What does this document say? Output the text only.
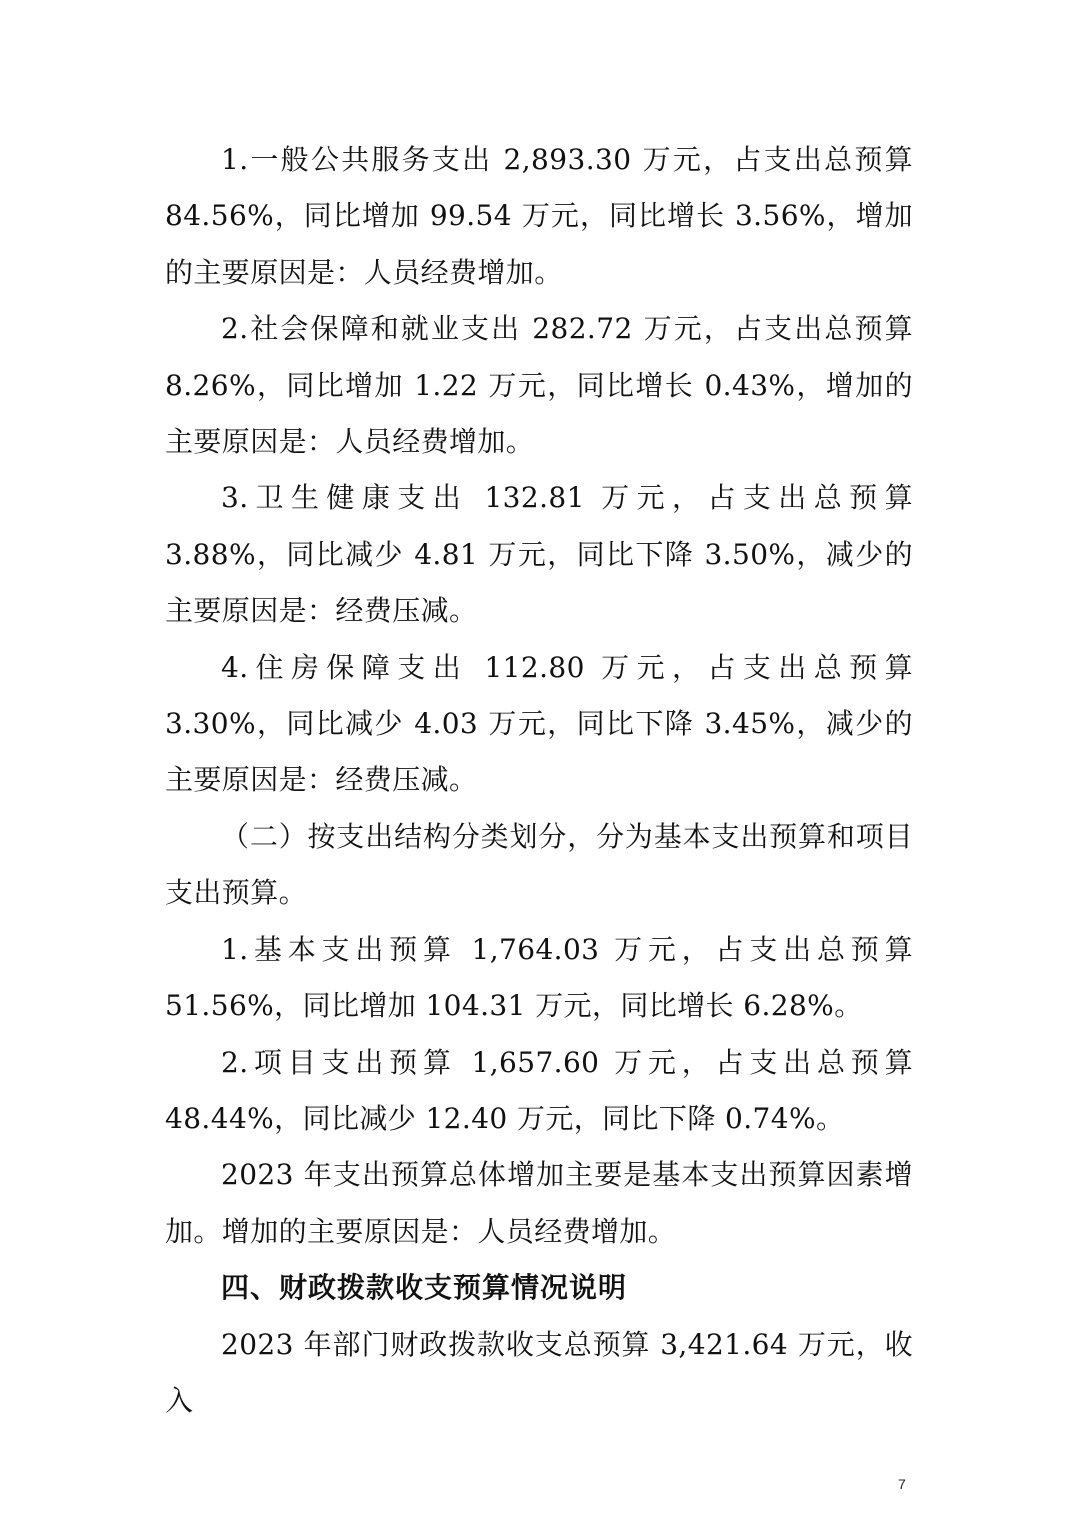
1.一般公共服务支出 2,893.30 万元，占支出总预算84.56%，同比增加 99.54 万元，同比增长 3.56%，增加的主要原因是：人员经费增加。

2.社会保障和就业支出 282.72 万元，占支出总预算8.26%，同比增加 1.22 万元，同比增长 0.43%，增加的主要原因是：人员经费增加。

3.卫生健康支出 132.81 万元，占支出总预算 3.88%，同比减少 4.81 万元，同比下降 3.50%，减少的主要原因是：经费压减。

4.住房保障支出 112.80 万元，占支出总预算 3.30%，同比减少 4.03 万元，同比下降 3.45%，减少的主要原因是：经费压减。

（二）按支出结构分类划分，分为基本支出预算和项目支出预算。

1.基本支出预算 1,764.03 万元，占支出总预算 51.56%，同比增加 104.31 万元，同比增长 6.28%。

2.项目支出预算 1,657.60 万元，占支出总预算 48.44%，同比减少 12.40 万元，同比下降 0.74%。

2023 年支出预算总体增加主要是基本支出预算因素增加。增加的主要原因是：人员经费增加。

四、财政拨款收支预算情况说明

2023 年部门财政拨款收支总预算 3,421.64 万元，收入

7
